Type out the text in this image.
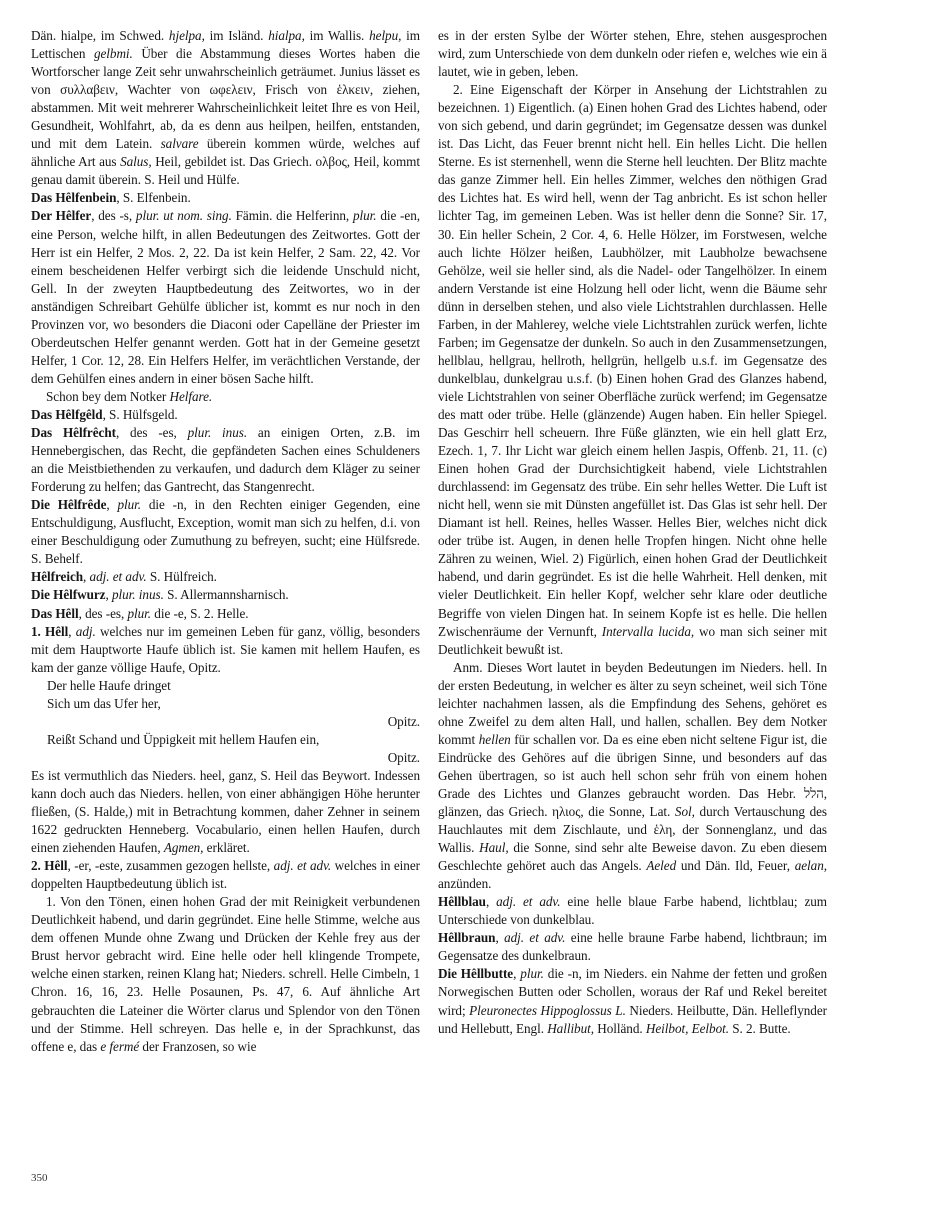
Dän. hialpe, im Schwed. hjelpa, im Isländ. hialpa, im Wallis. helpu, im Lettischen gelbmi. Über die Abstammung dieses Wortes haben die Wortforscher lange Zeit sehr unwahrscheinlich geträumet. Junius lässet es von συλλαβειν, Wachter von ωφελειν, Frisch von ἑλκειν, ziehen, abstammen. Mit weit mehrerer Wahrscheinlichkeit leitet Ihre es von Heil, Gesundheit, Wohlfahrt, ab, da es denn aus heilpen, heilfen, entstanden, und mit dem Latein. salvare überein kommen würde, welches auf ähnliche Art aus Salus, Heil, gebildet ist. Das Griech. ολβος, Heil, kommt genau damit überein. S. Heil und Hülfe.

Das Hêlfenbein, S. Elfenbein.

Der Hêlfer, des -s, plur. ut nom. sing. Fämin. die Helferinn, plur. die -en, eine Person, welche hilft, in allen Bedeutungen des Zeitwortes. Gott der Herr ist ein Helfer, 2 Mos. 2, 22. Da ist kein Helfer, 2 Sam. 22, 42. Vor einem bescheidenen Helfer verbirgt sich die leidende Unschuld nicht, Gell. In der zweyten Hauptbedeutung des Zeitwortes, wo in der anständigen Schreibart Gehülfe üblicher ist, kommt es nur noch in den Provinzen vor, wo besonders die Diaconi oder Capelläne der Priester im Oberdeutschen Helfer genannt werden. Gott hat in der Gemeine gesetzt Helfer, 1 Cor. 12, 28. Ein Helfers Helfer, im verächtlichen Verstande, der dem Gehülfen eines andern in einer bösen Sache hilft.

Schon bey dem Notker Helfare.

Das Hêlfgêld, S. Hülfsgeld.

Das Hêlfrêcht, des -es, plur. inus. an einigen Orten, z.B. im Hennebergischen, das Recht, die gepfändeten Sachen eines Schuldeners an die Meistbiethenden zu verkaufen, und dadurch dem Kläger zu seiner Forderung zu helfen; das Gantrecht, das Stangenrecht.

Die Hêlfrêde, plur. die -n, in den Rechten einiger Gegenden, eine Entschuldigung, Ausflucht, Exception, womit man sich zu helfen, d.i. von einer Beschuldigung oder Zumuthung zu befreyen, sucht; eine Hülfsrede. S. Behelf.

Hêlfreich, adj. et adv. S. Hülfreich.

Die Hêlfwurz, plur. inus. S. Allermannsharnisch.

Das Hêll, des -es, plur. die -e, S. 2. Helle.

1. Hêll, adj. welches nur im gemeinen Leben für ganz, völlig, besonders mit dem Hauptworte Haufe üblich ist. Sie kamen mit hellem Haufen, es kam der ganze völlige Haufe, Opitz.

Der helle Haufe dringet

Sich um das Ufer her,

Opitz.

Reißt Schand und Üppigkeit mit hellem Haufen ein,

Opitz.

Es ist vermuthlich das Nieders. heel, ganz, S. Heil das Beywort. Indessen kann doch auch das Nieders. hellen, von einer abhängigen Höhe herunter fließen, (S. Halde,) mit in Betrachtung kommen, daher Zehner in seinem 1622 gedruckten Henneberg. Vocabulario, einen hellen Haufen, durch einen ziehenden Haufen, Agmen, erkläret.

2. Hêll, -er, -este, zusammen gezogen hellste, adj. et adv. welches in einer doppelten Hauptbedeutung üblich ist.

1. Von den Tönen, einen hohen Grad der mit Reinigkeit verbundenen Deutlichkeit habend, und darin gegründet. Eine helle Stimme, welche aus dem offenen Munde ohne Zwang und Drücken der Kehle frey aus der Brust hervor gebracht wird. Eine helle oder hell klingende Trompete, welche einen starken, reinen Klang hat; Nieders. schrell. Helle Cimbeln, 1 Chron. 16, 16, 23. Helle Posaunen, Ps. 47, 6. Auf ähnliche Art gebrauchten die Lateiner die Wörter clarus und Splendor von den Tönen und der Stimme. Hell schreyen. Das helle e, in der Sprachkunst, das offene e, das e fermé der Franzosen, so wie

es in der ersten Sylbe der Wörter stehen, Ehre, stehen ausgesprochen wird, zum Unterschiede von dem dunkeln oder riefen e, welches wie ein ä lautet, wie in geben, leben.

2. Eine Eigenschaft der Körper in Ansehung der Lichtstrahlen zu bezeichnen. 1) Eigentlich. (a) Einen hohen Grad des Lichtes habend, oder von sich gebend, und darin gegründet; im Gegensatze dessen was dunkel ist. Das Licht, das Feuer brennt nicht hell. Ein helles Licht. Die hellen Sterne. Es ist sternenhell, wenn die Sterne hell leuchten. Der Blitz machte das ganze Zimmer hell. Ein helles Zimmer, welches den nöthigen Grad des Lichtes hat. Es wird hell, wenn der Tag anbricht. Es ist schon heller lichter Tag, im gemeinen Leben. Was ist heller denn die Sonne? Sir. 17, 30. Ein heller Schein, 2 Cor. 4, 6. Helle Hölzer, im Forstwesen, welche auch lichte Hölzer heißen, Laubhölzer, mit Laubholze bewachsene Gehölze, weil sie heller sind, als die Nadel- oder Tangelhölzer. In einem andern Verstande ist eine Holzung hell oder licht, wenn die Bäume sehr dünn in derselben stehen, und also viele Lichtstrahlen durchlassen. Helle Farben, in der Mahlerey, welche viele Lichtstrahlen zurück werfen, lichte Farben; im Gegensatze der dunkeln. So auch in den Zusammensetzungen, hellblau, hellgrau, hellroth, hellgrün, hellgelb u.s.f. im Gegensatze des dunkelblau, dunkelgrau u.s.f. (b) Einen hohen Grad des Glanzes habend, viele Lichtstrahlen von seiner Oberfläche zurück werfend; im Gegensatze des matt oder trübe. Helle (glänzende) Augen haben. Ein heller Spiegel. Das Geschirr hell scheuern. Ihre Füße glänzten, wie ein hell glatt Erz, Ezech. 1, 7. Ihr Licht war gleich einem hellen Jaspis, Offenb. 21, 11. (c) Einen hohen Grad der Durchsichtigkeit habend, viele Lichtstrahlen durchlassend: im Gegensatz des trübe. Ein sehr helles Wetter. Die Luft ist nicht hell, wenn sie mit Dünsten angefüllet ist. Das Glas ist sehr hell. Der Diamant ist hell. Reines, helles Wasser. Helles Bier, welches nicht dick oder trübe ist. Augen, in denen helle Tropfen hingen. Nicht ohne helle Zähren zu weinen, Wiel. 2) Figürlich, einen hohen Grad der Deutlichkeit habend, und darin gegründet. Es ist die helle Wahrheit. Hell denken, mit vieler Deutlichkeit. Ein heller Kopf, welcher sehr klare oder deutliche Begriffe von vielen Dingen hat. In seinem Kopfe ist es helle. Die hellen Zwischenräume der Vernunft, Intervalla lucida, wo man sich seiner mit Deutlichkeit bewußt ist.

Anm. Dieses Wort lautet in beyden Bedeutungen im Nieders. hell. In der ersten Bedeutung, in welcher es älter zu seyn scheinet, weil sich Töne leichter nachahmen lassen, als die Empfindung des Sehens, gehöret es ohne Zweifel zu dem alten Hall, und hallen, schallen. Bey dem Notker kommt hellen für schallen vor. Da es eine eben nicht seltene Figur ist, die Eindrücke des Gehöres auf die übrigen Sinne, und besonders auf das Gehen übertragen, so ist auch hell schon sehr früh von einem hohen Grade des Lichtes und Glanzes gebraucht worden. Das Hebr. הלל, glänzen, das Griech. ηλιος, die Sonne, Lat. Sol, durch Vertauschung des Hauchlautes mit dem Zischlaute, und ἑλη, der Sonnenglanz, und das Wallis. Haul, die Sonne, sind sehr alte Beweise davon. Zu eben diesem Geschlechte gehöret auch das Angels. Aeled und Dän. Ild, Feuer, aelan, anzünden.

Hêllblau, adj. et adv. eine helle blaue Farbe habend, lichtblau; zum Unterschiede von dunkelblau.

Hêllbraun, adj. et adv. eine helle braune Farbe habend, lichtbraun; im Gegensatze des dunkelbraun.

Die Hêllbutte, plur. die -n, im Nieders. ein Nahme der fetten und großen Norwegischen Butten oder Schollen, woraus der Raf und Rekel bereitet wird; Pleuronectes Hippoglossus L. Nieders. Heilbutte, Dän. Helleflynder und Hellebutt, Engl. Hallibut, Holländ. Heilbot, Eelbot. S. 2. Butte.

350
